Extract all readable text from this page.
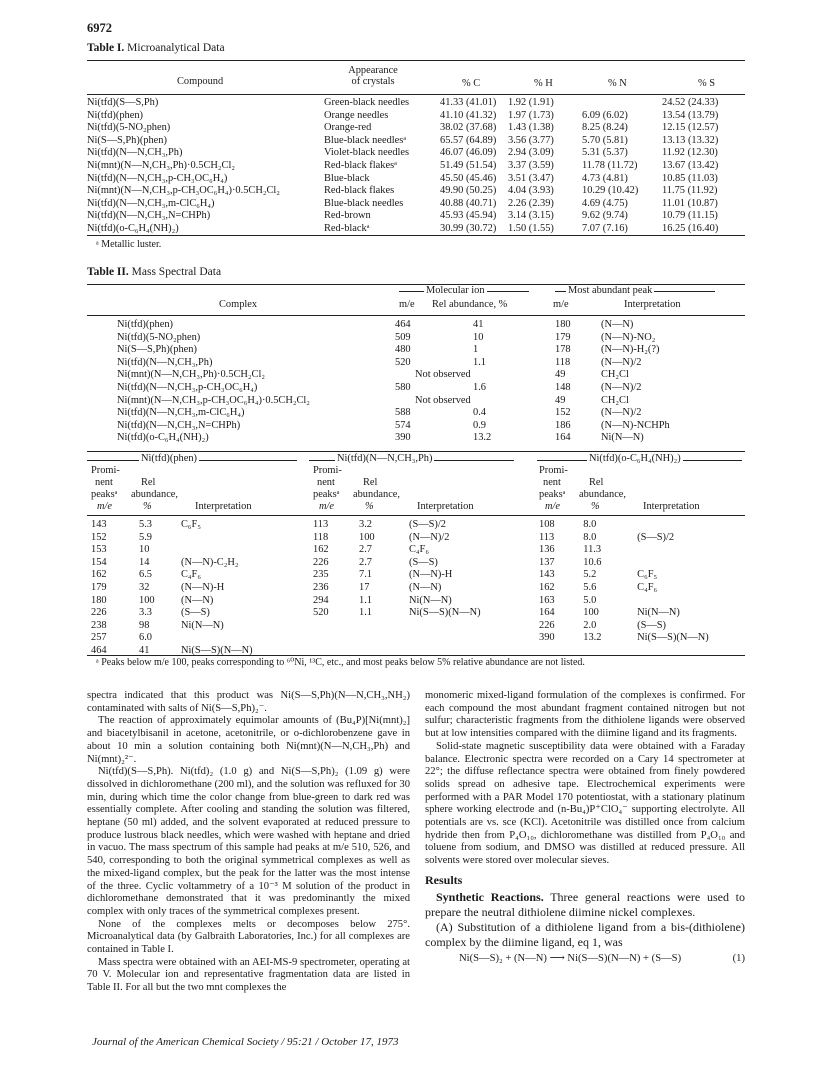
6972
Table I. Microanalytical Data
Compound
Appearance
of crystals	% C	% H	% N	% S
Ni(tfd)(S—S,Ph)	Green-black needles	41.33 (41.01)	1.92 (1.91)		24.52 (24.33)
Ni(tfd)(phen)	Orange needles	41.10 (41.32)	1.97 (1.73)	6.09 (6.02)	13.54 (13.79)
Ni(tfd)(5-NO₂phen)	Orange-red	38.02 (37.68)	1.43 (1.38)	8.25 (8.24)	12.15 (12.57)
Ni(S—S,Ph)(phen)	Blue-black needlesᵃ	65.57 (64.89)	3.56 (3.77)	5.70 (5.81)	13.13 (13.32)
Ni(tfd)(N—N,CH₃,Ph)	Violet-black needles	46.07 (46.09)	2.94 (3.09)	5.31 (5.37)	11.92 (12.30)
Ni(mnt)(N—N,CH₃,Ph)·0.5CH₂Cl₂	Red-black flakesᵃ	51.49 (51.54)	3.37 (3.59)	11.78 (11.72)	13.67 (13.42)
Ni(tfd)(N—N,CH₃,p-CH₃OC₆H₄)	Blue-black	45.50 (45.46)	3.51 (3.47)	4.73 (4.81)	10.85 (11.03)
Ni(mnt)(N—N,CH₃,p-CH₃OC₆H₄)·0.5CH₂Cl₂	Red-black flakes	49.90 (50.25)	4.04 (3.93)	10.29 (10.42)	11.75 (11.92)
Ni(tfd)(N—N,CH₃,m-ClC₆H₄)	Blue-black needles	40.88 (40.71)	2.26 (2.39)	4.69 (4.75)	11.01 (10.87)
Ni(tfd)(N—N,CH₃,N=CHPh)	Red-brown	45.93 (45.94)	3.14 (3.15)	9.62 (9.74)	10.79 (11.15)
Ni(tfd)(o-C₆H₄(NH)₂)	Red-blackᵃ	30.99 (30.72)	1.50 (1.55)	7.07 (7.16)	16.25 (16.40)
ᵃ Metallic luster.
Table II. Mass Spectral Data
Molecular ion	Most abundant peak
Complex	m/e Rel abundance, %	m/e	Interpretation
Ni(tfd)(phen)	464	41	180	(N—N)
Ni(tfd)(5-NO₂phen)	509	10	179	(N—N)-NO₂
Ni(S—S,Ph)(phen)	480	1	178	(N—N)-H₂(?)
Ni(tfd)(N—N,CH₃,Ph)	520	1.1	118	(N—N)/2
Ni(mnt)(N—N,CH₃,Ph)·0.5CH₂Cl₂		Not observed	49	CH₂Cl
Ni(tfd)(N—N,CH₃,p-CH₃OC₆H₄)	580	1.6	148	(N—N)/2
Ni(mnt)(N—N,CH₃,p-CH₃OC₆H₄)·0.5CH₂Cl₂		Not observed	49	CH₂Cl
Ni(tfd)(N—N,CH₃,m-ClC₆H₄)	588	0.4	152	(N—N)/2
Ni(tfd)(N—N,CH₃,N=CHPh)	574	0.9	186	(N—N)-NCHPh
Ni(tfd)(o-C₆H₄(NH)₂)	390	13.2	164	Ni(N—N)
Ni(tfd)(phen)	Ni(tfd)(N—N,CH₃,Ph)	Ni(tfd)(o-C₆H₄(NH)₂)
Promi-
nent
peaksᵃ
m/e
Rel
abundance,
%	Interpretation
Promi-
nent
peaksᵃ
m/e
Rel
abundance,
%	Interpretation
Promi-
nent
peaksᵃ
m/e
Rel
abundance,
%	Interpretation
143	5.3	C₆F₅
152	5.9	
153	10	
154	14	(N—N)-C₂H₂
162	6.5	C₄F₆
179	32	(N—N)-H
180	100	(N—N)
226	3.3	(S—S)
238	98	Ni(N—N)
257	6.0	
464	41	Ni(S—S)(N—N)
113	3.2	(S—S)/2
118	100	(N—N)/2
162	2.7	C₄F₆
226	2.7	(S—S)
235	7.1	(N—N)-H
236	17	(N—N)
294	1.1	Ni(N—N)
520	1.1	Ni(S—S)(N—N)
108	8.0	
113	8.0	(S—S)/2
136	11.3	
137	10.6	
143	5.2	C₆F₅
162	5.6	C₄F₆
163	5.0	
164	100	Ni(N—N)
226	2.0	(S—S)
390	13.2	Ni(S—S)(N—N)
ᵃ Peaks below m/e 100, peaks corresponding to ⁶⁰Ni, ¹³C, etc., and most peaks below 5% relative abundance are not listed.

spectra indicated that this product was Ni(S—S,Ph)(N—N,CH₃,NH₂) contaminated with salts of Ni(S—S,Ph)₂⁻.

The reaction of approximately equimolar amounts of (Bu₄P)[Ni(mnt)₂] and biacetylbisanil in acetone, acetonitrile, or o-dichlorobenzene gave in about 10 min a solution containing both Ni(mnt)(N—N,CH₃,Ph) and Ni(mnt)₂²⁻.

Ni(tfd)(S—S,Ph). Ni(tfd)₂ (1.0 g) and Ni(S—S,Ph)₂ (1.09 g) were dissolved in dichloromethane (200 ml), and the solution was refluxed for 30 min, during which time the color change from blue-green to dark red was essentially complete. After cooling and standing the solution was filtered, heptane (50 ml) added, and the solvent evaporated at reduced pressure to produce lustrous black needles, which were washed with heptane and dried in vacuo. The mass spectrum of this sample had peaks at m/e 510, 526, and 540, corresponding to both the original symmetrical complexes as well as the mixed-ligand complex, but the peak for the latter was the most intense of the three. Cyclic voltammetry of a 10⁻³ M solution of the product in dichloromethane demonstrated that it was predominantly the mixed complex with only traces of the symmetrical complexes present.

None of the complexes melts or decomposes below 275°. Microanalytical data (by Galbraith Laboratories, Inc.) for all complexes are contained in Table I.

Mass spectra were obtained with an AEI-MS-9 spectrometer, operating at 70 V. Molecular ion and representative fragmentation data are listed in Table II. For all but the two mnt complexes the

monomeric mixed-ligand formulation of the complexes is confirmed. For each compound the most abundant fragment contained nitrogen but not sulfur; characteristic fragments from the dithiolene ligands were observed but at low intensities compared with the diimine ligand and its fragments.

Solid-state magnetic susceptibility data were obtained with a Faraday balance. Electronic spectra were recorded on a Cary 14 spectrometer at 22°; the diffuse reflectance spectra were obtained from finely powdered solids spread on adhesive tape. Electrochemical experiments were performed with a PAR Model 170 potentiostat, with a stationary platinum sphere working electrode and (n-Bu₄)P⁺ClO₄⁻ supporting electrolyte. All potentials are vs. sce (KCl). Acetonitrile was distilled once from calcium hydride then from P₄O₁₀, dichloromethane was distilled from P₄O₁₀ and toluene from sodium, and DMSO was distilled at reduced pressure. All solvents were stored over molecular sieves.

Results

Synthetic Reactions. Three general reactions were used to prepare the neutral dithiolene diimine nickel complexes.

(A) Substitution of a dithiolene ligand from a bis-(dithiolene) complex by the diimine ligand, eq 1, was

Ni(S—S)₂ + (N—N) ⟶ Ni(S—S)(N—N) + (S—S)	(1)
Journal of the American Chemical Society / 95:21 / October 17, 1973
